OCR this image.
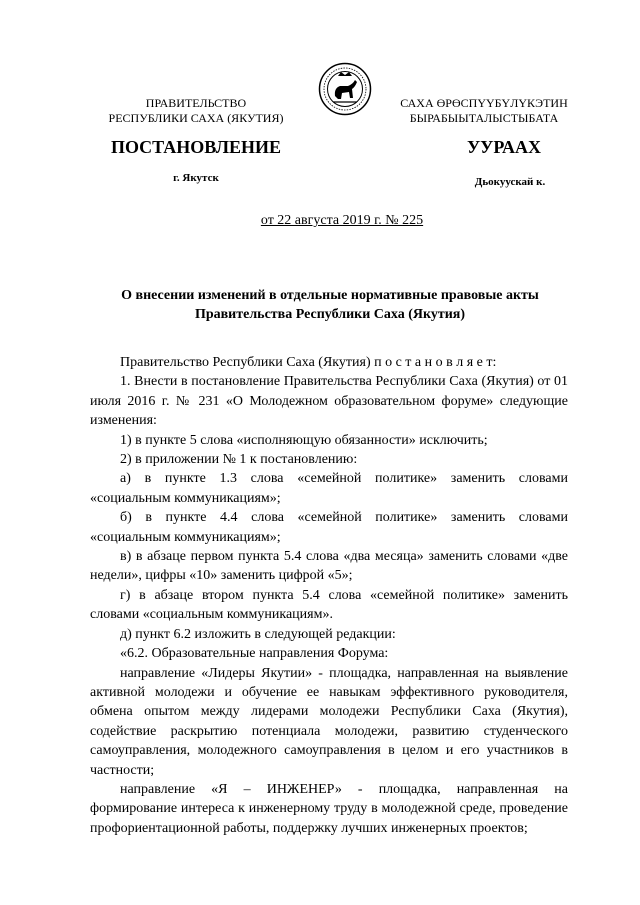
ПРАВИТЕЛЬСТВО
РЕСПУБЛИКИ САХА (ЯКУТИЯ)
САХА ӨРӨСПҮҮБҮЛҮКЭТИН
БЫРАБЫЫТАЛЫСТЫБАТА
ПОСТАНОВЛЕНИЕ	УУРААХ
г. Якутск	Дьокуускай к.
от 22 августа 2019 г. № 225
О внесении изменений в отдельные нормативные правовые акты
Правительства Республики Саха (Якутия)

Правительство Республики Саха (Якутия) п о с т а н о в л я е т:

1. Внести в постановление Правительства Республики Саха (Якутия) от 01 июля 2016 г. № 231 «О Молодежном образовательном форуме» следующие изменения:

1) в пункте 5 слова «исполняющую обязанности» исключить;

2) в приложении № 1 к постановлению:

а) в пункте 1.3 слова «семейной политике» заменить словами «социальным коммуникациям»;

б) в пункте 4.4 слова «семейной политике» заменить словами «социальным коммуникациям»;

в) в абзаце первом пункта 5.4 слова «два месяца» заменить словами «две недели», цифры «10» заменить цифрой «5»;

г) в абзаце втором пункта 5.4 слова «семейной политике» заменить словами «социальным коммуникациям».

д) пункт 6.2 изложить в следующей редакции:

«6.2. Образовательные направления Форума:

направление «Лидеры Якутии» - площадка, направленная на выявление активной молодежи и обучение ее навыкам эффективного руководителя, обмена опытом между лидерами молодежи Республики Саха (Якутия), содействие раскрытию потенциала молодежи, развитию студенческого самоуправления, молодежного самоуправления в целом и его участников в частности;

направление «Я – ИНЖЕНЕР» - площадка, направленная на формирование интереса к инженерному труду в молодежной среде, проведение профориентационной работы, поддержку лучших инженерных проектов;
